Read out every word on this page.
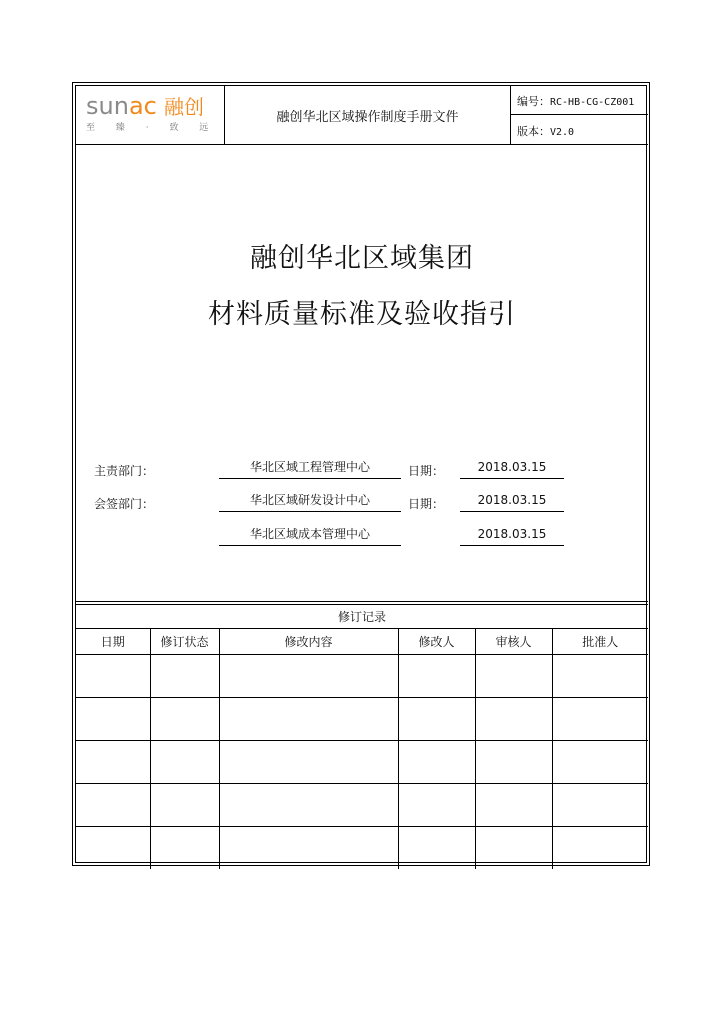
sunac 融创
至 臻 · 致 远
融创华北区域操作制度手册文件
编号：RC-HB-CG-CZ001
版本：V2.0
融创华北区域集团
材料质量标准及验收指引
主责部门：	华北区域工程管理中心	日期：	2018.03.15
会签部门：	华北区域研发设计中心	日期：	2018.03.15
华北区域成本管理中心	2018.03.15
修订记录					
日期	修订状态	修改内容	修改人	审核人	批准人
